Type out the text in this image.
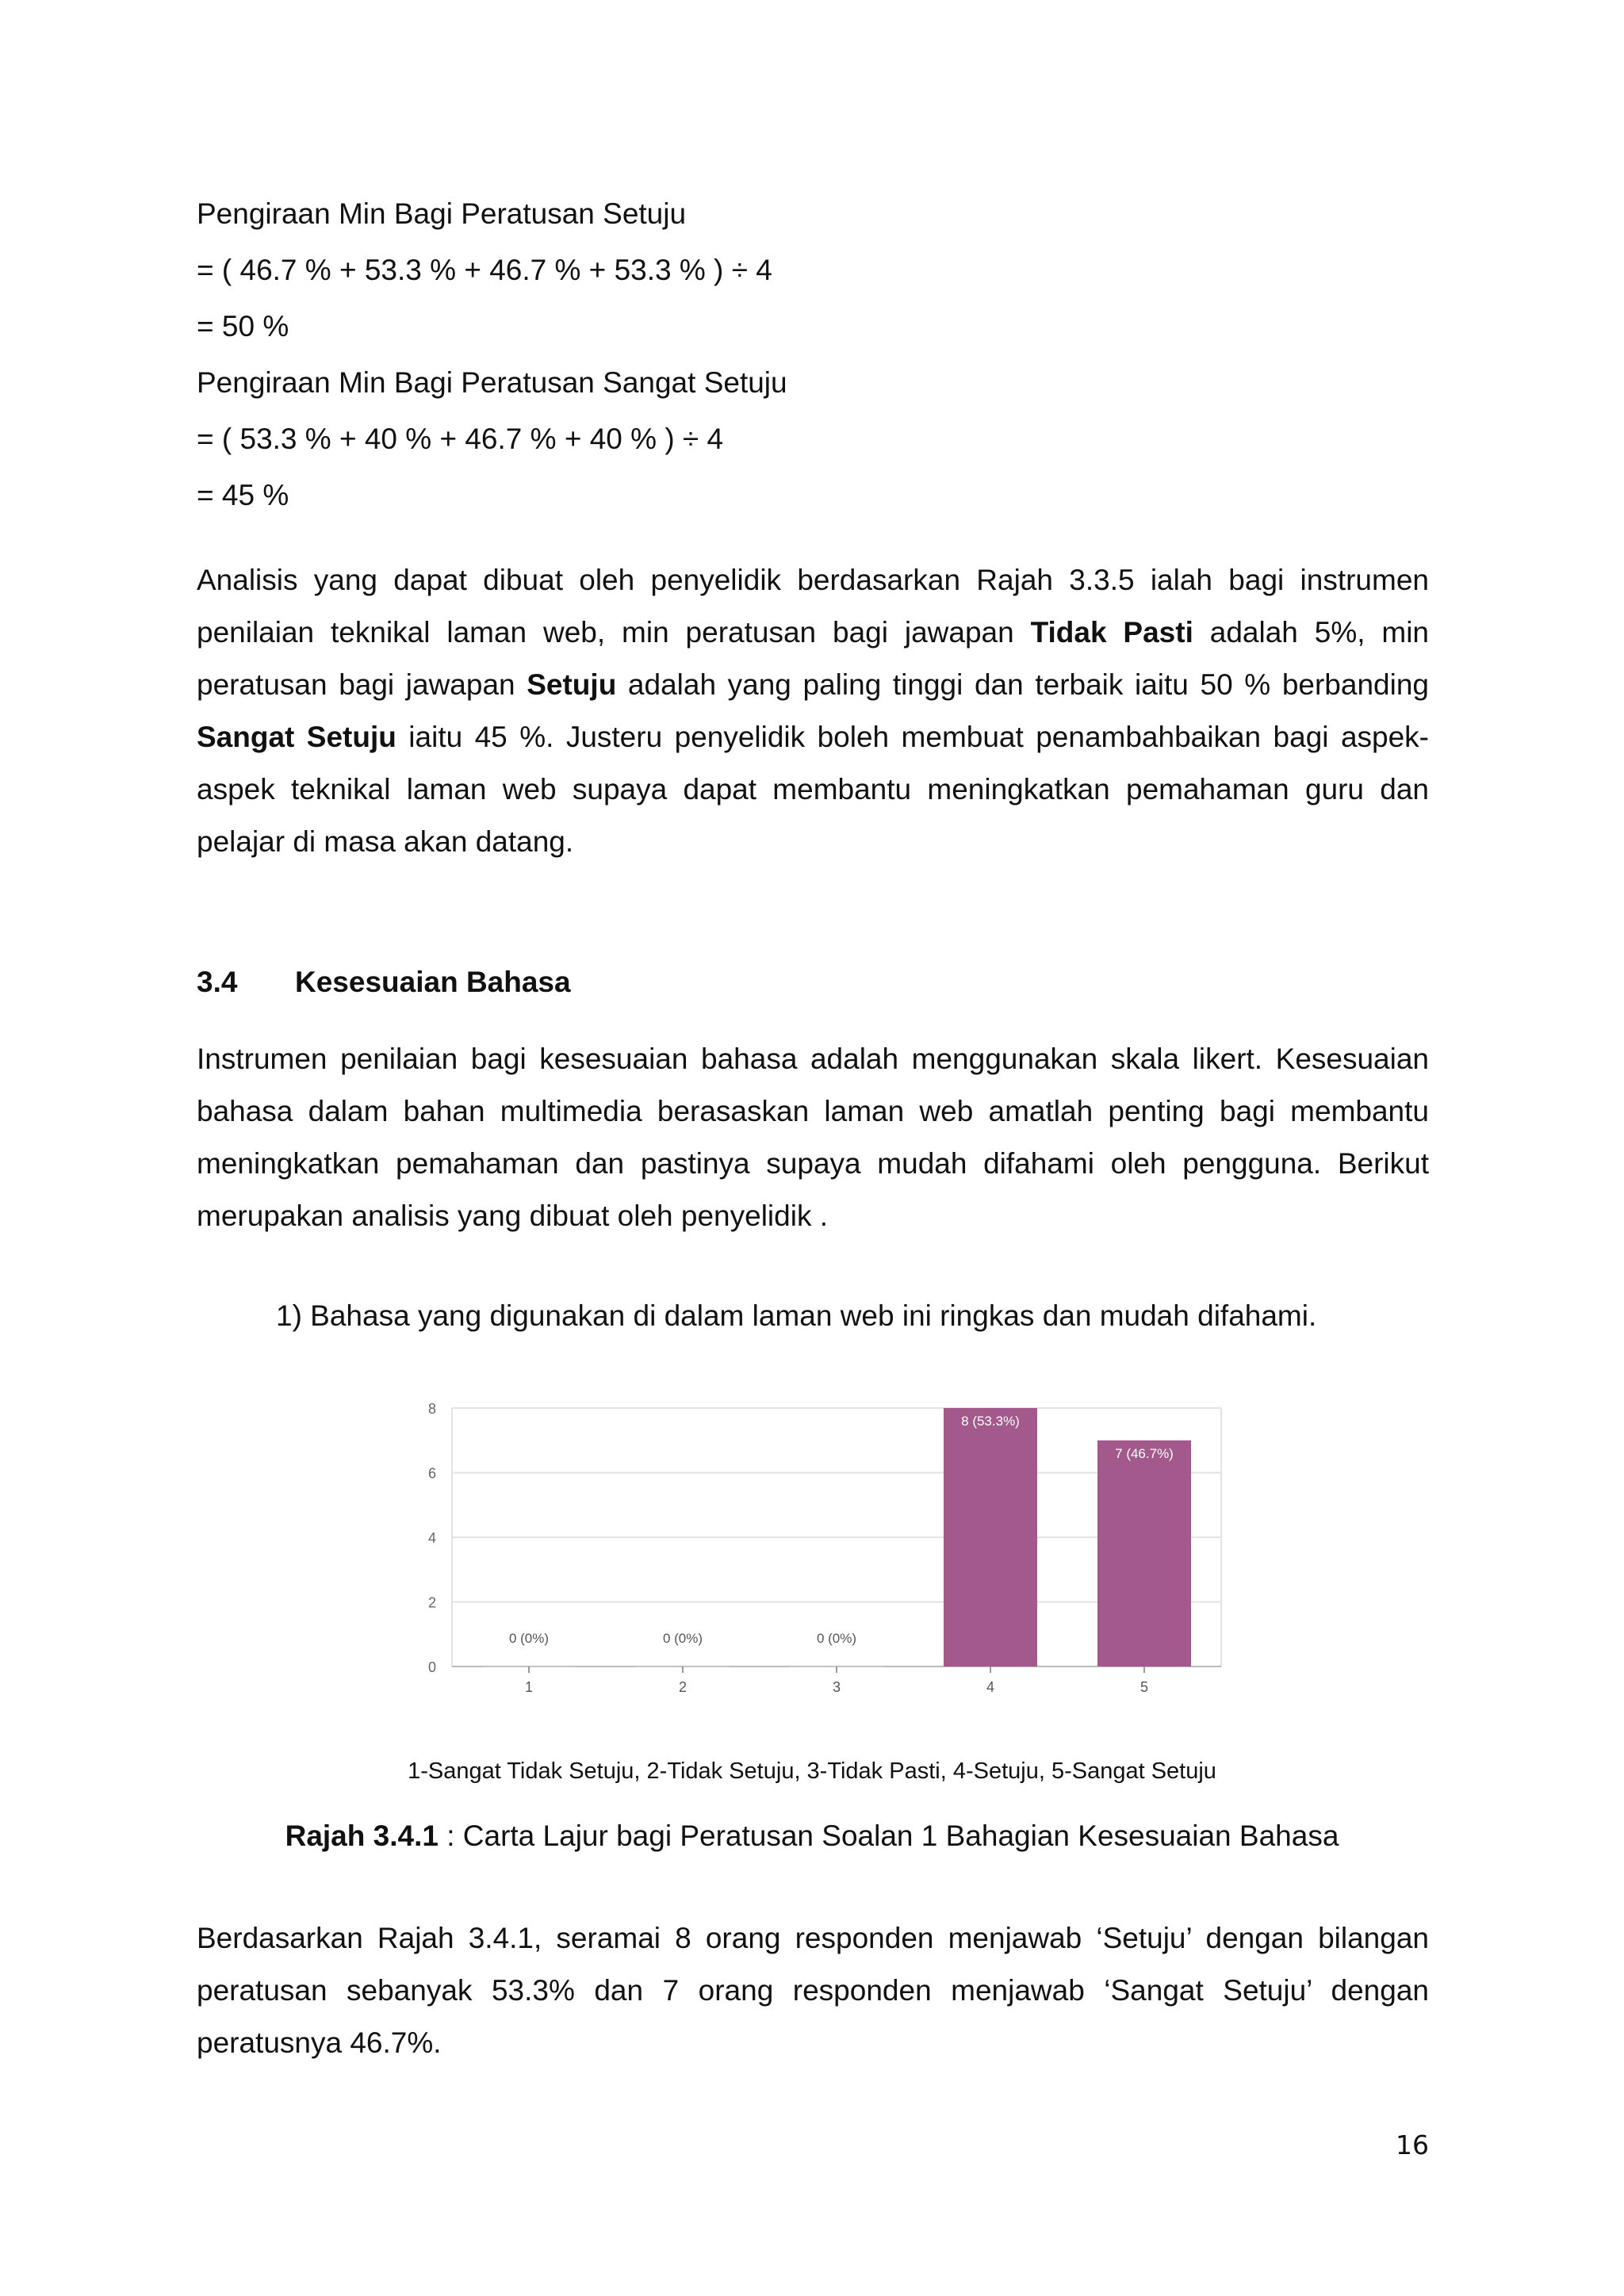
Pengiraan Min Bagi Peratusan Setuju

= ( 46.7 % + 53.3 % + 46.7 % + 53.3 % ) ÷ 4

= 50 %

Pengiraan Min Bagi Peratusan Sangat Setuju

= ( 53.3 % + 40 % + 46.7 % + 40 % ) ÷ 4

= 45 %

Analisis yang dapat dibuat oleh penyelidik berdasarkan Rajah 3.3.5 ialah bagi instrumen penilaian teknikal laman web, min peratusan bagi jawapan Tidak Pasti adalah 5%, min peratusan bagi jawapan Setuju adalah yang paling tinggi dan terbaik iaitu 50 % berbanding Sangat Setuju iaitu 45 %. Justeru penyelidik boleh membuat penambahbaikan bagi aspek-aspek teknikal laman web supaya dapat membantu meningkatkan pemahaman guru dan pelajar di masa akan datang.

3.4 Kesesuaian Bahasa

Instrumen penilaian bagi kesesuaian bahasa adalah menggunakan skala likert. Kesesuaian bahasa dalam bahan multimedia berasaskan laman web amatlah penting bagi membantu meningkatkan pemahaman dan pastinya supaya mudah difahami oleh pengguna. Berikut merupakan analisis yang dibuat oleh penyelidik .

1) Bahasa yang digunakan di dalam laman web ini ringkas dan mudah difahami.

0
2
4
6
8
1
0 (0%)
2
0 (0%)
3
0 (0%)
4
8 (53.3%)
5
7 (46.7%)

1-Sangat Tidak Setuju, 2-Tidak Setuju, 3-Tidak Pasti, 4-Setuju, 5-Sangat Setuju

Rajah 3.4.1 : Carta Lajur bagi Peratusan Soalan 1 Bahagian Kesesuaian Bahasa

Berdasarkan Rajah 3.4.1, seramai 8 orang responden menjawab ‘Setuju’ dengan bilangan peratusan sebanyak 53.3% dan 7 orang responden menjawab ‘Sangat Setuju’ dengan peratusnya 46.7%.

16
